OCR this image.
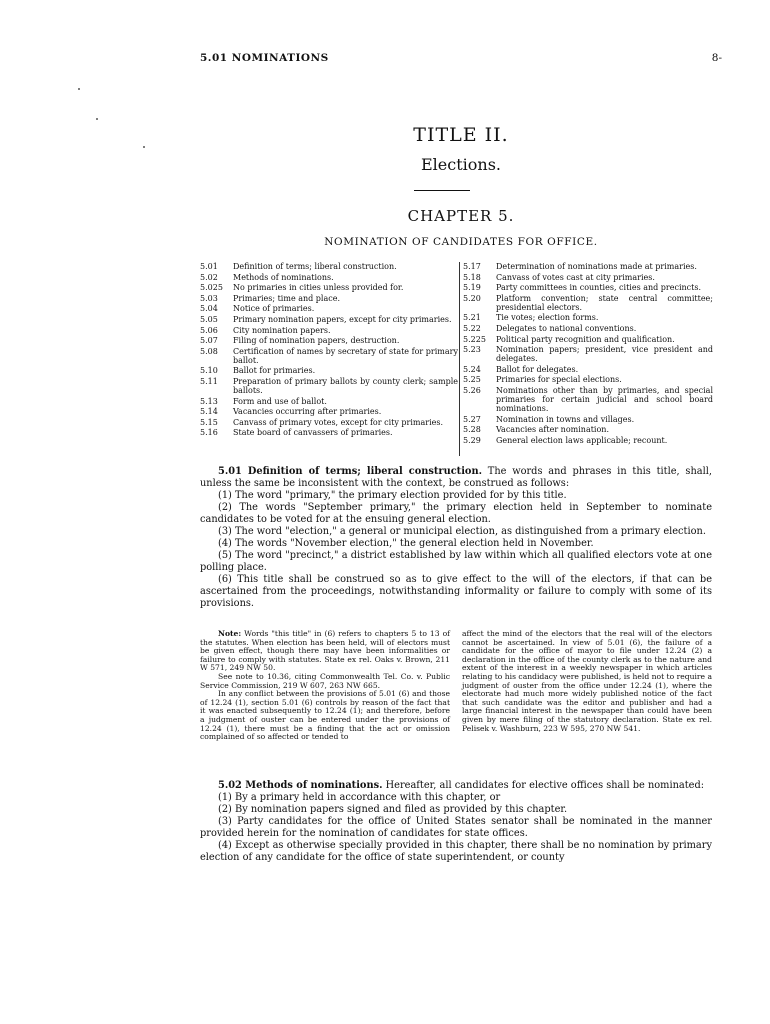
5.01 NOMINATIONS	8-
TITLE II.
Elections.
CHAPTER 5.
NOMINATION OF CANDIDATES FOR OFFICE.
5.01	Definition of terms; liberal construction.
5.02	Methods of nominations.
5.025	No primaries in cities unless provided for.
5.03	Primaries; time and place.
5.04	Notice of primaries.
5.05	Primary nomination papers, except for city primaries.
5.06	City nomination papers.
5.07	Filing of nomination papers, destruction.
5.08	Certification of names by secretary of state for primary ballot.
5.10	Ballot for primaries.
5.11	Preparation of primary ballots by county clerk; sample ballots.
5.13	Form and use of ballot.
5.14	Vacancies occurring after primaries.
5.15	Canvass of primary votes, except for city primaries.
5.16	State board of canvassers of primaries.
5.17	Determination of nominations made at primaries.
5.18	Canvass of votes cast at city primaries.
5.19	Party committees in counties, cities and precincts.
5.20	Platform convention; state central committee; presidential electors.
5.21	Tie votes; election forms.
5.22	Delegates to national conventions.
5.225	Political party recognition and qualification.
5.23	Nomination papers; president, vice president and delegates.
5.24	Ballot for delegates.
5.25	Primaries for special elections.
5.26	Nominations other than by primaries, and special primaries for certain judicial and school board nominations.
5.27	Nomination in towns and villages.
5.28	Vacancies after nomination.
5.29	General election laws applicable; recount.

5.01 Definition of terms; liberal construction. The words and phrases in this title, shall, unless the same be inconsistent with the context, be construed as follows:

(1) The word "primary," the primary election provided for by this title.

(2) The words "September primary," the primary election held in September to nominate candidates to be voted for at the ensuing general election.

(3) The word "election," a general or municipal election, as distinguished from a primary election.

(4) The words "November election," the general election held in November.

(5) The word "precinct," a district established by law within which all qualified electors vote at one polling place.

(6) This title shall be construed so as to give effect to the will of the electors, if that can be ascertained from the proceedings, notwithstanding informality or failure to comply with some of its provisions.

Note: Words "this title" in (6) refers to chapters 5 to 13 of the statutes. When election has been held, will of electors must be given effect, though there may have been informalities or failure to comply with statutes. State ex rel. Oaks v. Brown, 211 W 571, 249 NW 50.

See note to 10.36, citing Commonwealth Tel. Co. v. Public Service Commission, 219 W 607, 263 NW 665.

In any conflict between the provisions of 5.01 (6) and those of 12.24 (1), section 5.01 (6) controls by reason of the fact that it was enacted subsequently to 12.24 (1); and therefore, before a judgment of ouster can be entered under the provisions of 12.24 (1), there must be a finding that the act or omission complained of so affected or tended to

affect the mind of the electors that the real will of the electors cannot be ascertained. In view of 5.01 (6), the failure of a candidate for the office of mayor to file under 12.24 (2) a declaration in the office of the county clerk as to the nature and extent of the interest in a weekly newspaper in which articles relating to his candidacy were published, is held not to require a judgment of ouster from the office under 12.24 (1), where the electorate had much more widely published notice of the fact that such candidate was the editor and publisher and had a large financial interest in the newspaper than could have been given by mere filing of the statutory declaration. State ex rel. Pelisek v. Washburn, 223 W 595, 270 NW 541.

5.02 Methods of nominations. Hereafter, all candidates for elective offices shall be nominated:

(1) By a primary held in accordance with this chapter, or

(2) By nomination papers signed and filed as provided by this chapter.

(3) Party candidates for the office of United States senator shall be nominated in the manner provided herein for the nomination of candidates for state offices.

(4) Except as otherwise specially provided in this chapter, there shall be no nomination by primary election of any candidate for the office of state superintendent, or county
